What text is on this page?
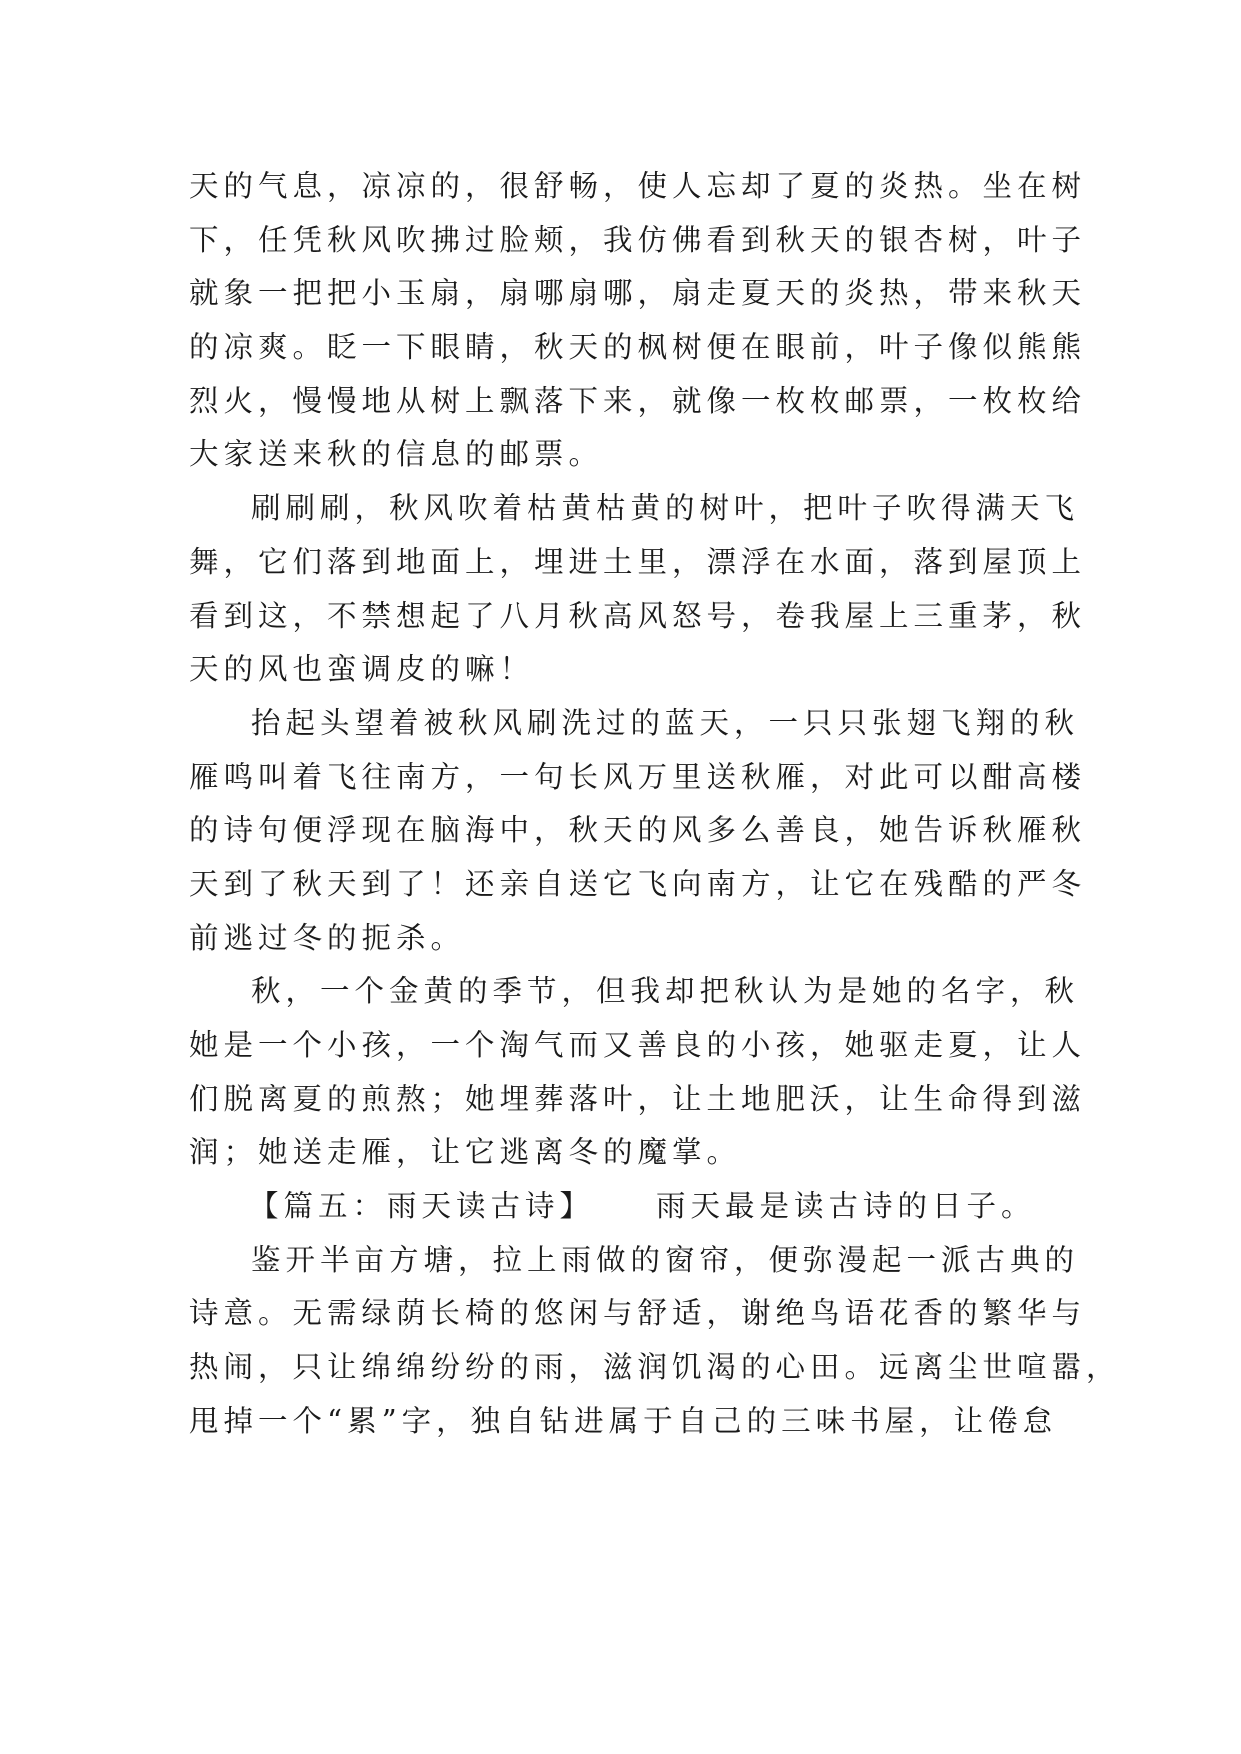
天的气息，凉凉的，很舒畅，使人忘却了夏的炎热。坐在树
下，任凭秋风吹拂过脸颊，我仿佛看到秋天的银杏树，叶子
就象一把把小玉扇，扇哪扇哪，扇走夏天的炎热，带来秋天
的凉爽。眨一下眼睛，秋天的枫树便在眼前，叶子像似熊熊
烈火，慢慢地从树上飘落下来，就像一枚枚邮票，一枚枚给
大家送来秋的信息的邮票。
刷刷刷，秋风吹着枯黄枯黄的树叶，把叶子吹得满天飞
舞，它们落到地面上，埋进土里，漂浮在水面，落到屋顶上
看到这，不禁想起了八月秋高风怒号，卷我屋上三重茅，秋
天的风也蛮调皮的嘛！
抬起头望着被秋风刷洗过的蓝天，一只只张翅飞翔的秋
雁鸣叫着飞往南方，一句长风万里送秋雁，对此可以酣高楼
的诗句便浮现在脑海中，秋天的风多么善良，她告诉秋雁秋
天到了秋天到了！还亲自送它飞向南方，让它在残酷的严冬
前逃过冬的扼杀。
秋，一个金黄的季节，但我却把秋认为是她的名字，秋
她是一个小孩，一个淘气而又善良的小孩，她驱走夏，让人
们脱离夏的煎熬；她埋葬落叶，让土地肥沃，让生命得到滋
润；她送走雁，让它逃离冬的魔掌。
【篇五：雨天读古诗】 雨天最是读古诗的日子。
鉴开半亩方塘，拉上雨做的窗帘，便弥漫起一派古典的
诗意。无需绿荫长椅的悠闲与舒适，谢绝鸟语花香的繁华与
热闹，只让绵绵纷纷的雨，滋润饥渴的心田。远离尘世喧嚣，
甩掉一个“累”字，独自钻进属于自己的三味书屋，让倦怠
